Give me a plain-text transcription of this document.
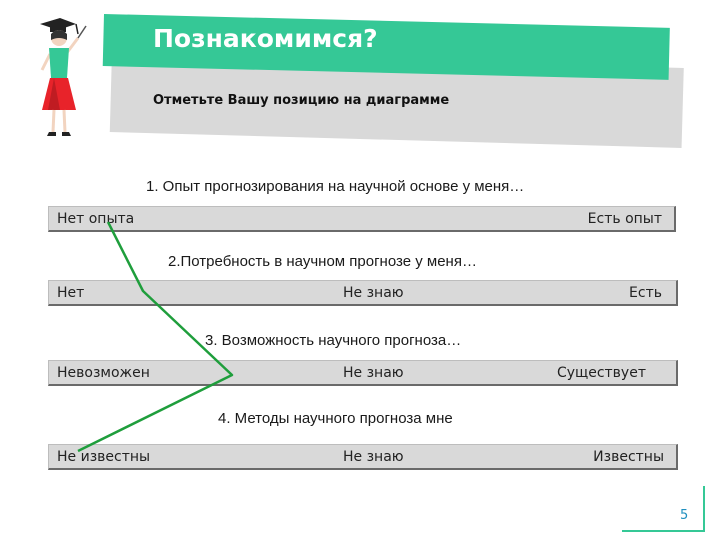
Познакомимся?
Отметьте Вашу позицию на диаграмме
1. Опыт прогнозирования на научной основе у меня…
Нет опыта	Есть опыт
2.Потребность в научном прогнозе у меня…
Нет	Не знаю	Есть
3. Возможность научного прогноза…
Невозможен	Не знаю	Существует
4. Методы научного прогноза мне
Не известны	Не знаю	Известны
5
